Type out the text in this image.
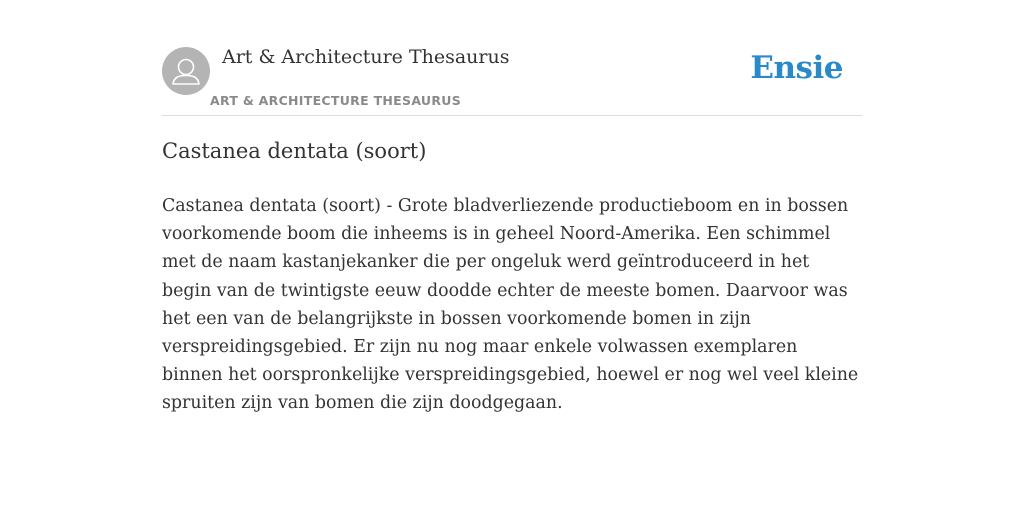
Art & Architecture Thesaurus
ART & ARCHITECTURE THESAURUS
Ensie
Castanea dentata (soort)

Castanea dentata (soort) - Grote bladverliezende productieboom en in bossen voorkomende boom die inheems is in geheel Noord-Amerika. Een schimmel met de naam kastanjekanker die per ongeluk werd geïntroduceerd in het begin van de twintigste eeuw doodde echter de meeste bomen. Daarvoor was het een van de belangrijkste in bossen voorkomende bomen in zijn verspreidingsgebied. Er zijn nu nog maar enkele volwassen exemplaren binnen het oorspronkelijke verspreidingsgebied, hoewel er nog wel veel kleine spruiten zijn van bomen die zijn doodgegaan.
